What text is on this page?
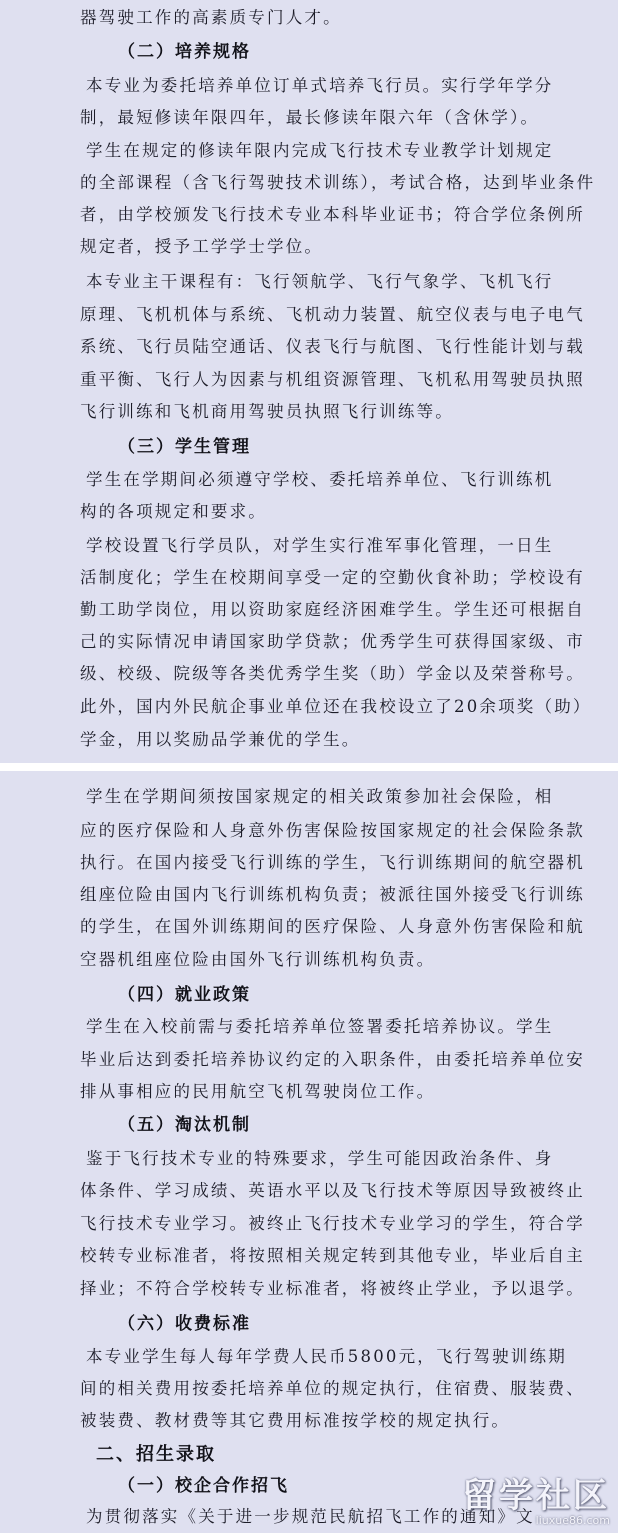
器驾驶工作的高素质专门人才。
（二）培养规格
本专业为委托培养单位订单式培养飞行员。实行学年学分
制，最短修读年限四年，最长修读年限六年（含休学）。
学生在规定的修读年限内完成飞行技术专业教学计划规定
的全部课程（含飞行驾驶技术训练），考试合格，达到毕业条件
者，由学校颁发飞行技术专业本科毕业证书；符合学位条例所
规定者，授予工学学士学位。
本专业主干课程有：飞行领航学、飞行气象学、飞机飞行
原理、飞机机体与系统、飞机动力装置、航空仪表与电子电气
系统、飞行员陆空通话、仪表飞行与航图、飞行性能计划与载
重平衡、飞行人为因素与机组资源管理、飞机私用驾驶员执照
飞行训练和飞机商用驾驶员执照飞行训练等。
（三）学生管理
学生在学期间必须遵守学校、委托培养单位、飞行训练机
构的各项规定和要求。
学校设置飞行学员队，对学生实行准军事化管理，一日生
活制度化；学生在校期间享受一定的空勤伙食补助；学校设有
勤工助学岗位，用以资助家庭经济困难学生。学生还可根据自
己的实际情况申请国家助学贷款；优秀学生可获得国家级、市
级、校级、院级等各类优秀学生奖（助）学金以及荣誉称号。
此外，国内外民航企事业单位还在我校设立了20余项奖（助）
学金，用以奖励品学兼优的学生。
学生在学期间须按国家规定的相关政策参加社会保险，相
应的医疗保险和人身意外伤害保险按国家规定的社会保险条款
执行。在国内接受飞行训练的学生，飞行训练期间的航空器机
组座位险由国内飞行训练机构负责；被派往国外接受飞行训练
的学生，在国外训练期间的医疗保险、人身意外伤害保险和航
空器机组座位险由国外飞行训练机构负责。
（四）就业政策
学生在入校前需与委托培养单位签署委托培养协议。学生
毕业后达到委托培养协议约定的入职条件，由委托培养单位安
排从事相应的民用航空飞机驾驶岗位工作。
（五）淘汰机制
鉴于飞行技术专业的特殊要求，学生可能因政治条件、身
体条件、学习成绩、英语水平以及飞行技术等原因导致被终止
飞行技术专业学习。被终止飞行技术专业学习的学生，符合学
校转专业标准者，将按照相关规定转到其他专业，毕业后自主
择业；不符合学校转专业标准者，将被终止学业，予以退学。
（六）收费标准
本专业学生每人每年学费人民币5800元，飞行驾驶训练期
间的相关费用按委托培养单位的规定执行，住宿费、服装费、
被装费、教材费等其它费用标准按学校的规定执行。
二、招生录取
（一）校企合作招飞
为贯彻落实《关于进一步规范民航招飞工作的通知》文
留学社区
liuxue86.com
